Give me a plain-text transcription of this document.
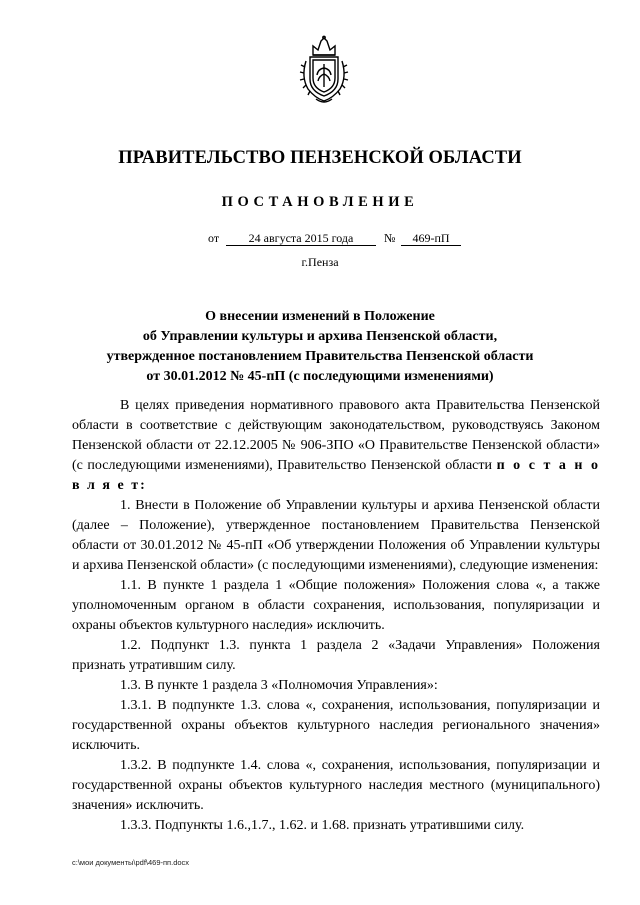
ПРАВИТЕЛЬСТВО ПЕНЗЕНСКОЙ ОБЛАСТИ
ПОСТАНОВЛЕНИЕ
от	24 августа 2015 года	№	469-пП
г.Пенза
О внесении изменений в Положение
об Управлении культуры и архива Пензенской области,
утвержденное постановлением Правительства Пензенской области
от 30.01.2012 № 45-пП (с последующими изменениями)

В целях приведения нормативного правового акта Правительства Пензенской области в соответствие с действующим законодательством, руководствуясь Законом Пензенской области от 22.12.2005 № 906-ЗПО «О Правительстве Пензенской области» (с последующими изменениями), Правительство Пензенской области п о с т а н о в л я е т:

1. Внести в Положение об Управлении культуры и архива Пензенской области (далее – Положение), утвержденное постановлением Правительства Пензенской области от 30.01.2012 № 45-пП «Об утверждении Положения об Управлении культуры и архива Пензенской области» (с последующими изменениями), следующие изменения:

1.1. В пункте 1 раздела 1 «Общие положения» Положения слова «, а также уполномоченным органом в области сохранения, использования, популяризации и охраны объектов культурного наследия» исключить.

1.2. Подпункт 1.3. пункта 1 раздела 2 «Задачи Управления» Положения признать утратившим силу.

1.3. В пункте 1 раздела 3 «Полномочия Управления»:

1.3.1. В подпункте 1.3. слова «, сохранения, использования, популяризации и государственной охраны объектов культурного наследия регионального значения» исключить.

1.3.2. В подпункте 1.4. слова «, сохранения, использования, популяризации и государственной охраны объектов культурного наследия местного (муниципального) значения» исключить.

1.3.3. Подпункты 1.6.,1.7., 1.62. и 1.68. признать утратившими силу.

c:\мои документы\pdf\469-пп.docx
